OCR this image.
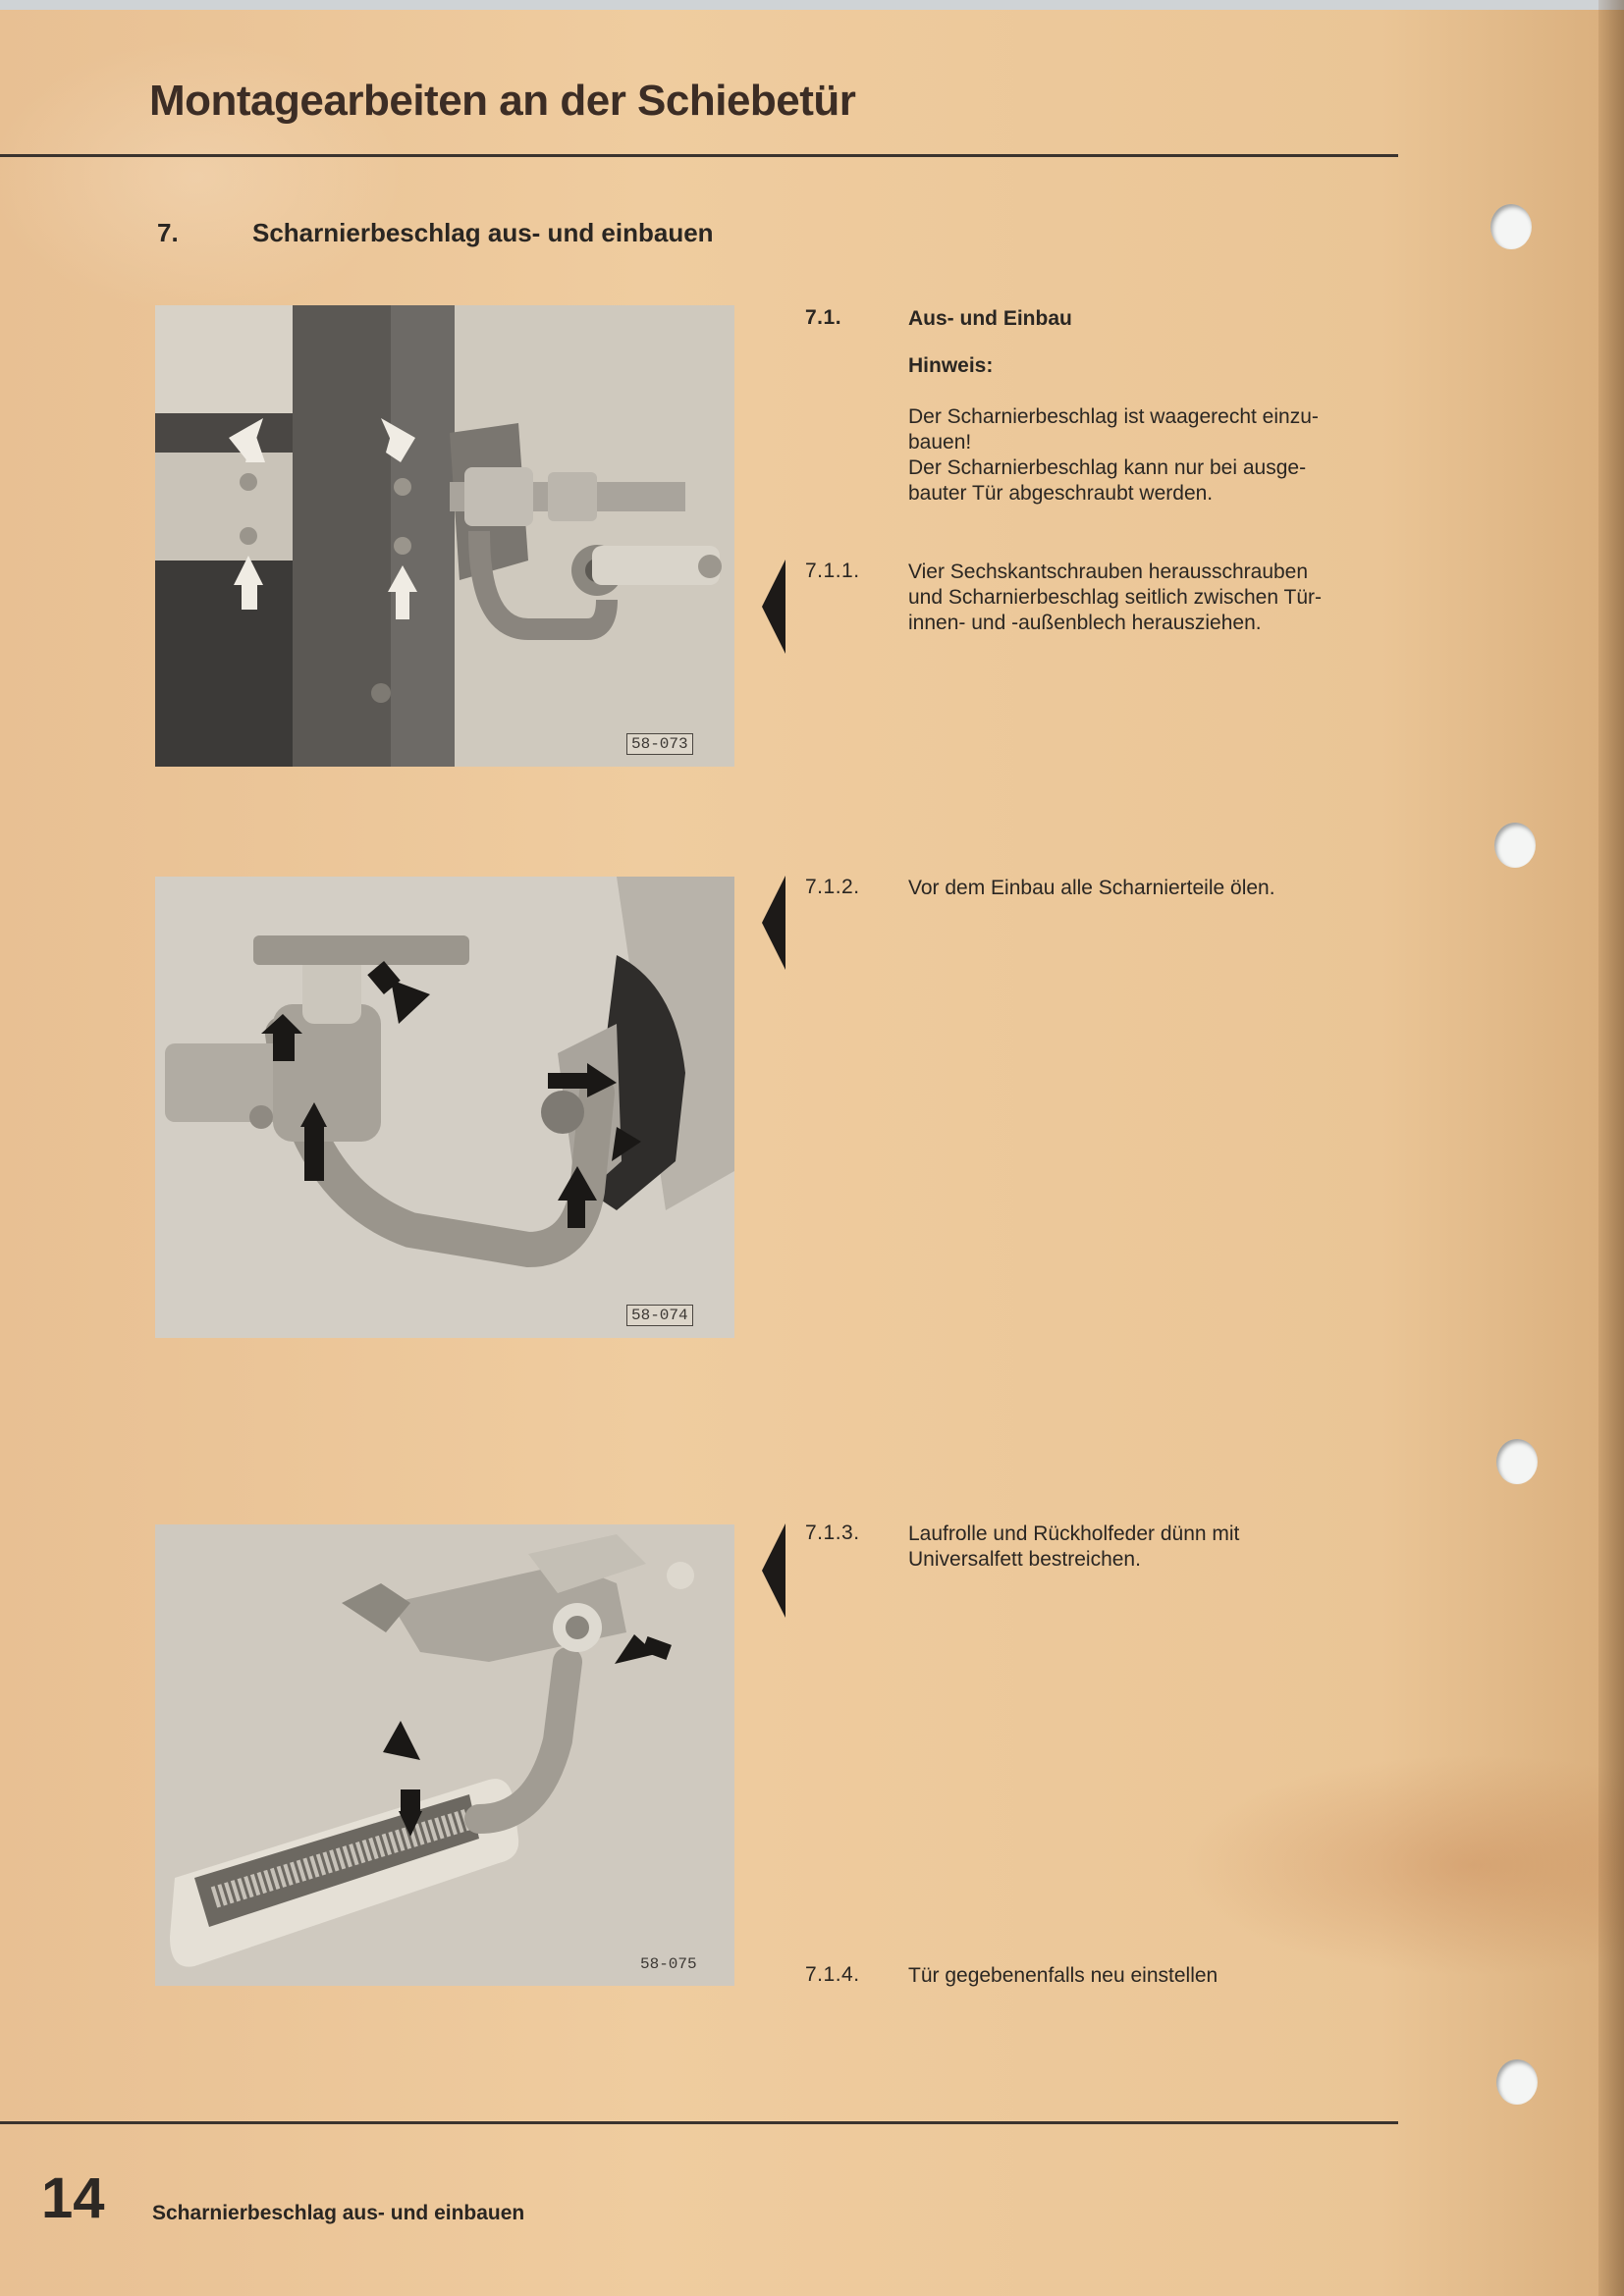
Montagearbeiten an der Schiebetür
7.	Scharnierbeschlag aus- und einbauen
58-073
58-074
58-075
7.1.	Aus- und Einbau
Hinweis:
Der Scharnierbeschlag ist waagerecht einzu-
bauen!
Der Scharnierbeschlag kann nur bei ausge-
bauter Tür abgeschraubt werden.
7.1.1. Vier Sechskantschrauben herausschrauben
und Scharnierbeschlag seitlich zwischen Tür-
innen- und -außenblech herausziehen.
7.1.2. Vor dem Einbau alle Scharnierteile ölen.
7.1.3. Laufrolle und Rückholfeder dünn mit
Universalfett bestreichen.
7.1.4. Tür gegebenenfalls neu einstellen
14 Scharnierbeschlag aus- und einbauen
